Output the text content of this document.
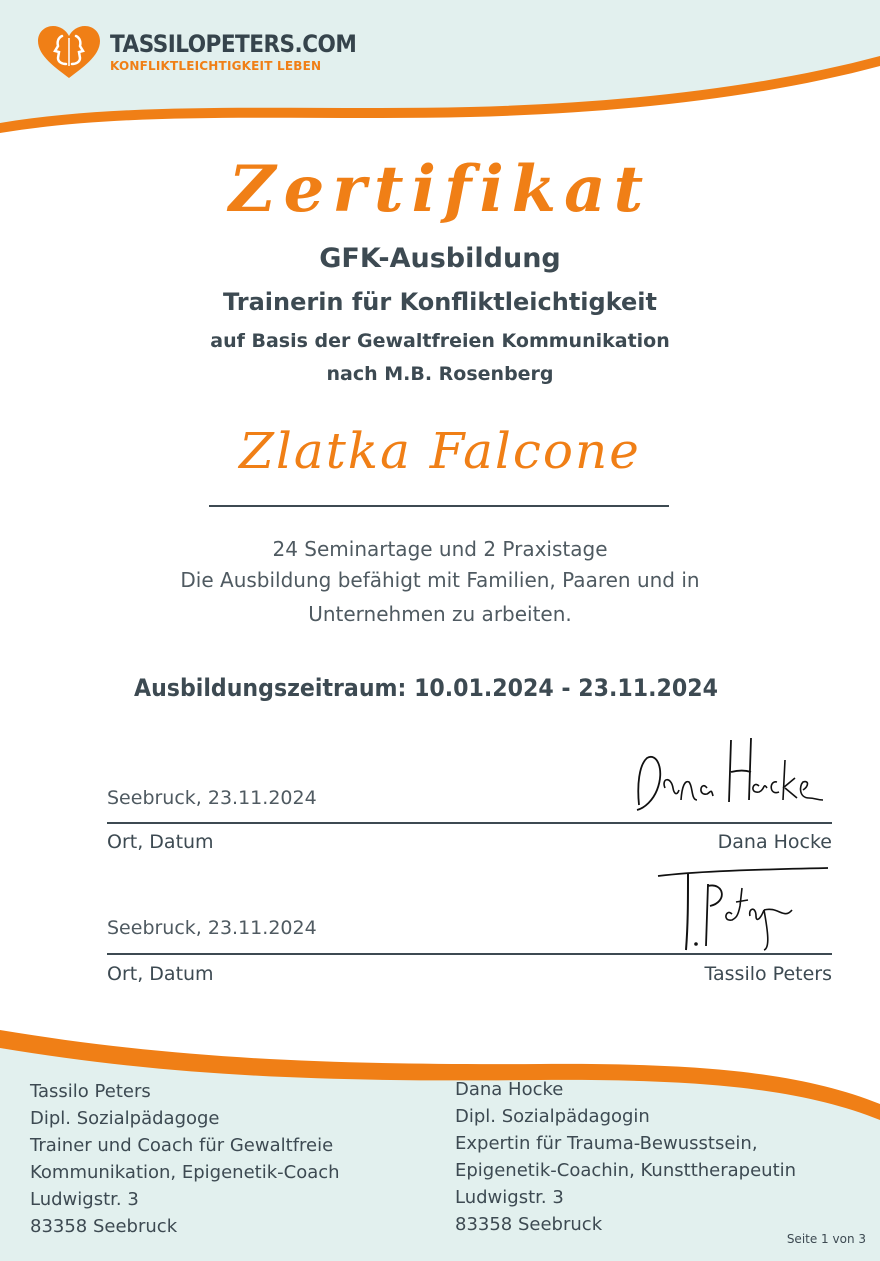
TASSILOPETERS.COM
KONFLIKTLEICHTIGKEIT LEBEN
Zertifikat
GFK-Ausbildung
Trainerin für Konfliktleichtigkeit
auf Basis der Gewaltfreien Kommunikation
nach M.B. Rosenberg
Zlatka Falcone
24 Seminartage und 2 Praxistage
Die Ausbildung befähigt mit Familien, Paaren und in
Unternehmen zu arbeiten.
Ausbildungszeitraum: 10.01.2024 - 23.11.2024
Seebruck, 23.11.2024
Ort, Datum	Dana Hocke
Seebruck, 23.11.2024
Ort, Datum	Tassilo Peters
Tassilo Peters
Dipl. Sozialpädagoge
Trainer und Coach für Gewaltfreie
Kommunikation, Epigenetik-Coach
Ludwigstr. 3
83358 Seebruck
Dana Hocke
Dipl. Sozialpädagogin
Expertin für Trauma-Bewusstsein,
Epigenetik-Coachin, Kunsttherapeutin
Ludwigstr. 3
83358 Seebruck
Seite 1 von 3
